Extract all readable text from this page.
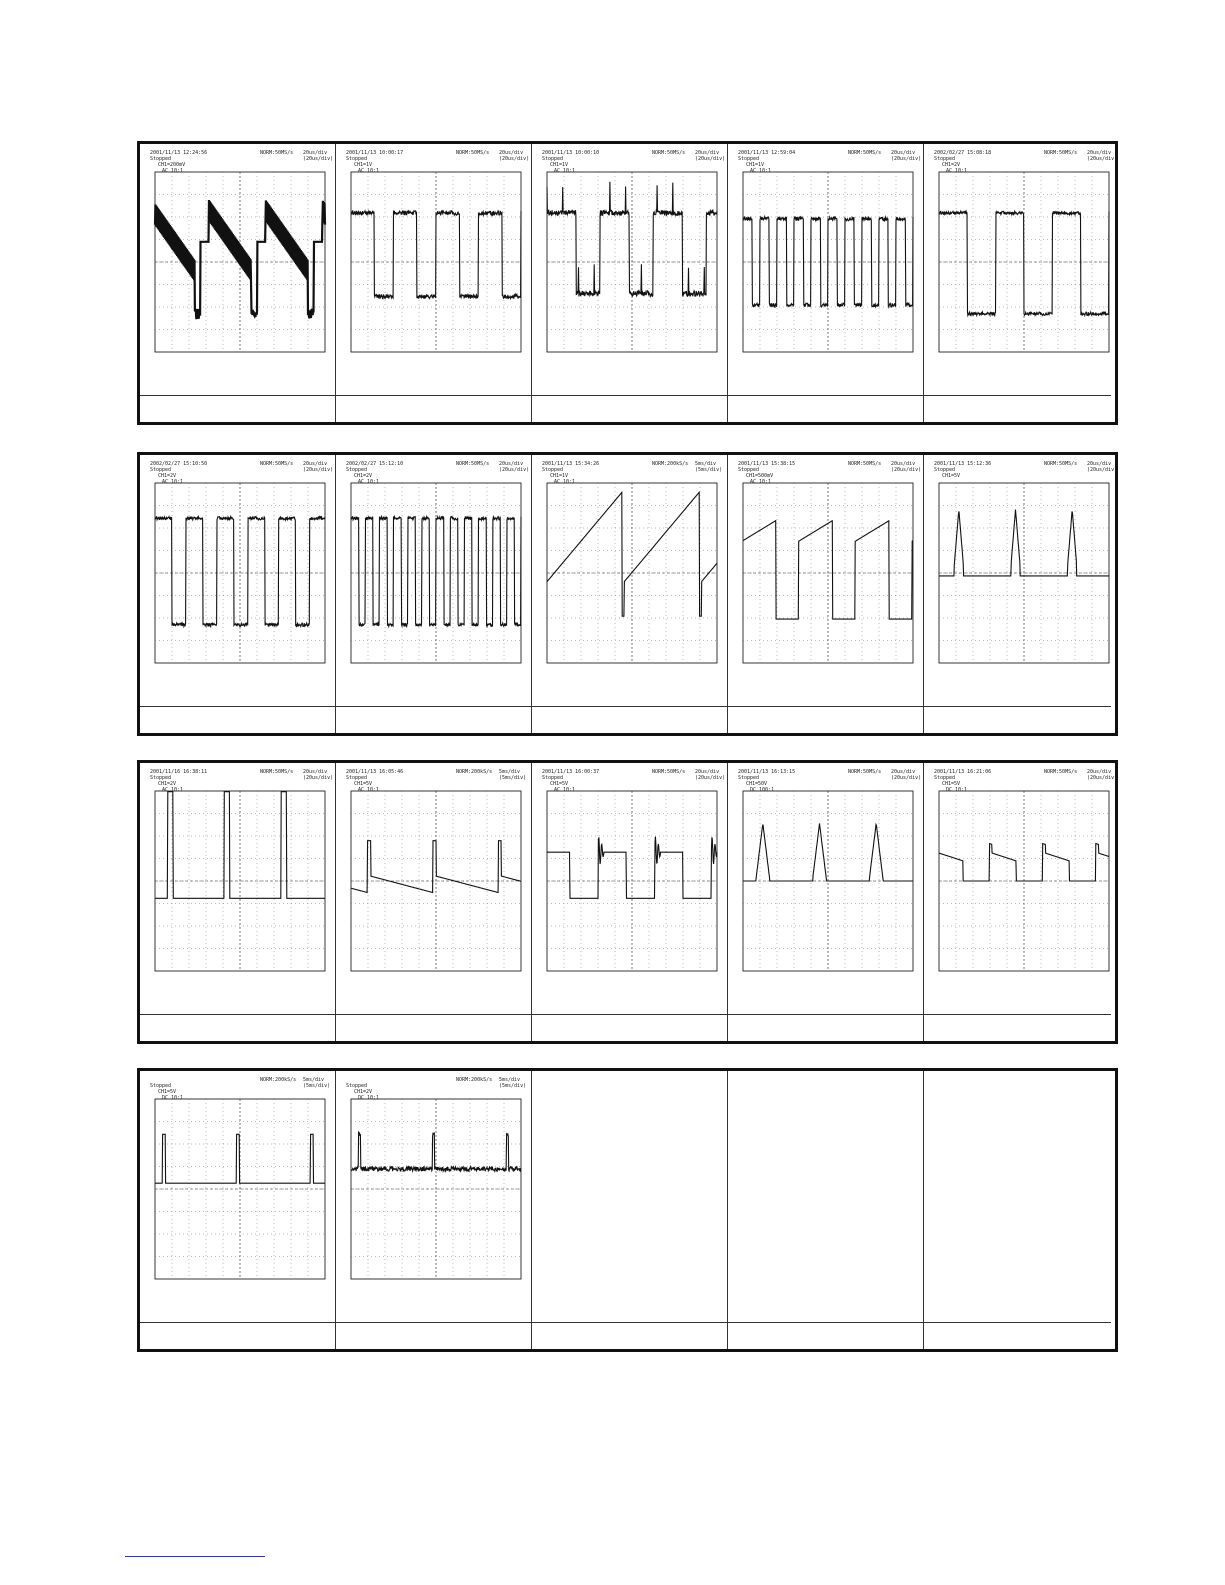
2001/11/13 12:24:56
Stopped
CH1=200mV
AC 10:1
NORM:50MS/s 20us/div
(20us/div)
2001/11/13 10:00:17
Stopped
CH1=1V
AC 10:1
NORM:50MS/s 20us/div
(20us/div)
2001/11/13 10:00:10
Stopped
CH1=1V
AC 10:1
NORM:50MS/s 20us/div
(20us/div)
2001/11/13 12:59:04
Stopped
CH1=1V
AC 10:1
NORM:50MS/s 20us/div
(20us/div)
2002/02/27 15:08:18
Stopped
CH1=2V
AC 10:1
NORM:50MS/s 20us/div
(20us/div)
2002/02/27 15:10:50
Stopped
CH1=2V
AC 10:1
NORM:50MS/s 20us/div
(20us/div)
2002/02/27 15:12:10
Stopped
CH1=2V
AC 10:1
NORM:50MS/s 20us/div
(20us/div)
2001/11/13 15:34:26
Stopped
CH1=1V
AC 10:1
NORM:200kS/s 5ms/div
(5ms/div)
2001/11/13 15:38:15
Stopped
CH1=500mV
AC 10:1
NORM:50MS/s 20us/div
(20us/div)
2001/11/13 15:12:36
Stopped
CH1=5V
NORM:50MS/s 20us/div
(20us/div)
2001/11/16 16:38:11
Stopped
CH1=2V
AC 10:1
NORM:50MS/s 20us/div
(20us/div)
2001/11/13 16:05:46
Stopped
CH1=5V
AC 10:1
NORM:200kS/s 5ms/div
(5ms/div)
2001/11/13 16:00:37
Stopped
CH1=5V
AC 10:1
NORM:50MS/s 20us/div
(20us/div)
2001/11/13 16:13:15
Stopped
CH1=50V
DC 100:1
NORM:50MS/s 20us/div
(20us/div)
2001/11/13 16:21:06
Stopped
CH1=5V
DC 10:1
NORM:50MS/s 20us/div
(20us/div)
Stopped
CH1=5V
DC 10:1
NORM:200kS/s 5ms/div
(5ms/div)	Stopped
CH1=2V
DC 10:1
NORM:200kS/s 5ms/div
(5ms/div)
